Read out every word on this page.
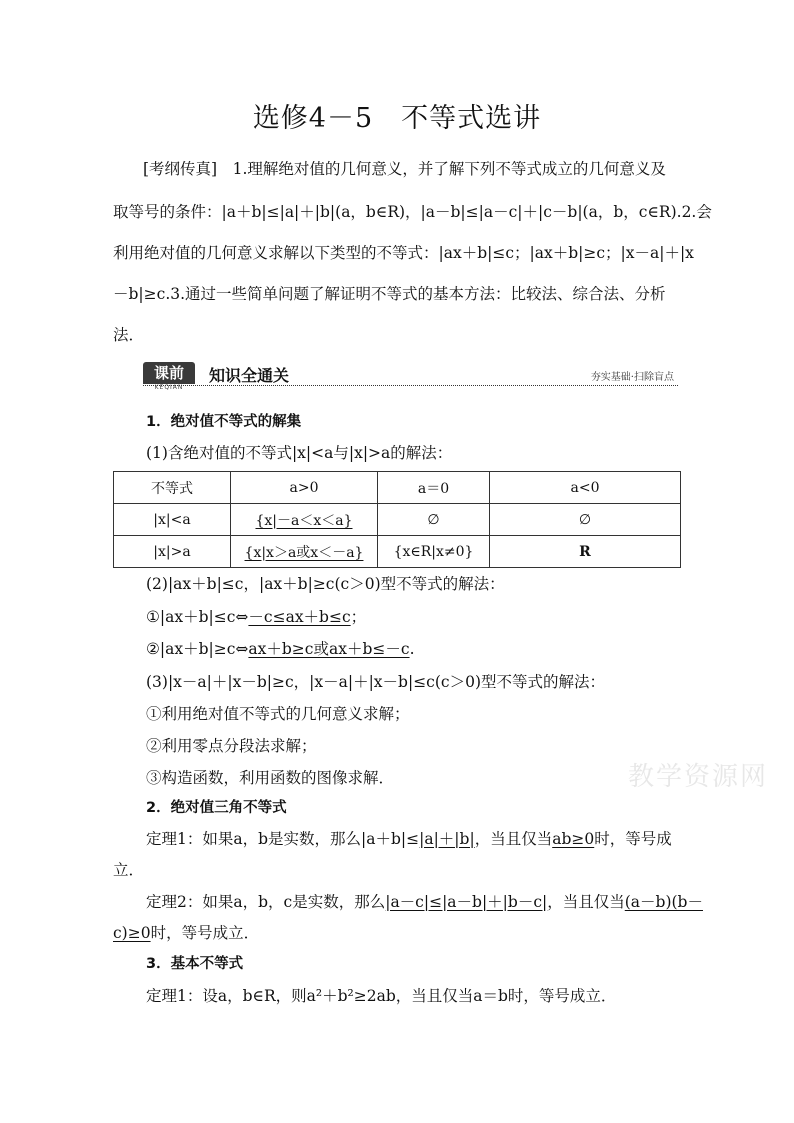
选修4－5　不等式选讲
[考纲传真]　1.理解绝对值的几何意义，并了解下列不等式成立的几何意义及
取等号的条件：|a＋b|≤|a|＋|b|(a，b∈R)，|a－b|≤|a－c|＋|c－b|(a，b，c∈R).2.会
利用绝对值的几何意义求解以下类型的不等式：|ax＋b|≤c；|ax＋b|≥c；|x－a|＋|x
－b|≥c.3.通过一些简单问题了解证明不等式的基本方法：比较法、综合法、分析
法．
课前
KEQIAN
知识全通关	夯实基础·扫除盲点
1．绝对值不等式的解集
(1)含绝对值的不等式|x|<a与|x|>a的解法：
不等式	a>0	a＝0	a<0
|x|<a	{x|－a＜x＜a}	∅	∅
|x|>a	{x|x＞a或x＜－a}	{x∈R|x≠0}	R
(2)|ax＋b|≤c，|ax＋b|≥c(c＞0)型不等式的解法：
①|ax＋b|≤c⇔－c≤ax＋b≤c；
②|ax＋b|≥c⇔ax＋b≥c或ax＋b≤－c.
(3)|x－a|＋|x－b|≥c，|x－a|＋|x－b|≤c(c＞0)型不等式的解法：
①利用绝对值不等式的几何意义求解；
②利用零点分段法求解；
③构造函数，利用函数的图像求解．	教学资源网
2．绝对值三角不等式
定理1：如果a，b是实数，那么|a＋b|≤|a|＋|b|，当且仅当ab≥0时，等号成
立．
定理2：如果a，b，c是实数，那么|a－c|≤|a－b|＋|b－c|，当且仅当(a－b)(b－
c)≥0时，等号成立．
3．基本不等式
定理1：设a，b∈R，则a²＋b²≥2ab，当且仅当a＝b时，等号成立．
